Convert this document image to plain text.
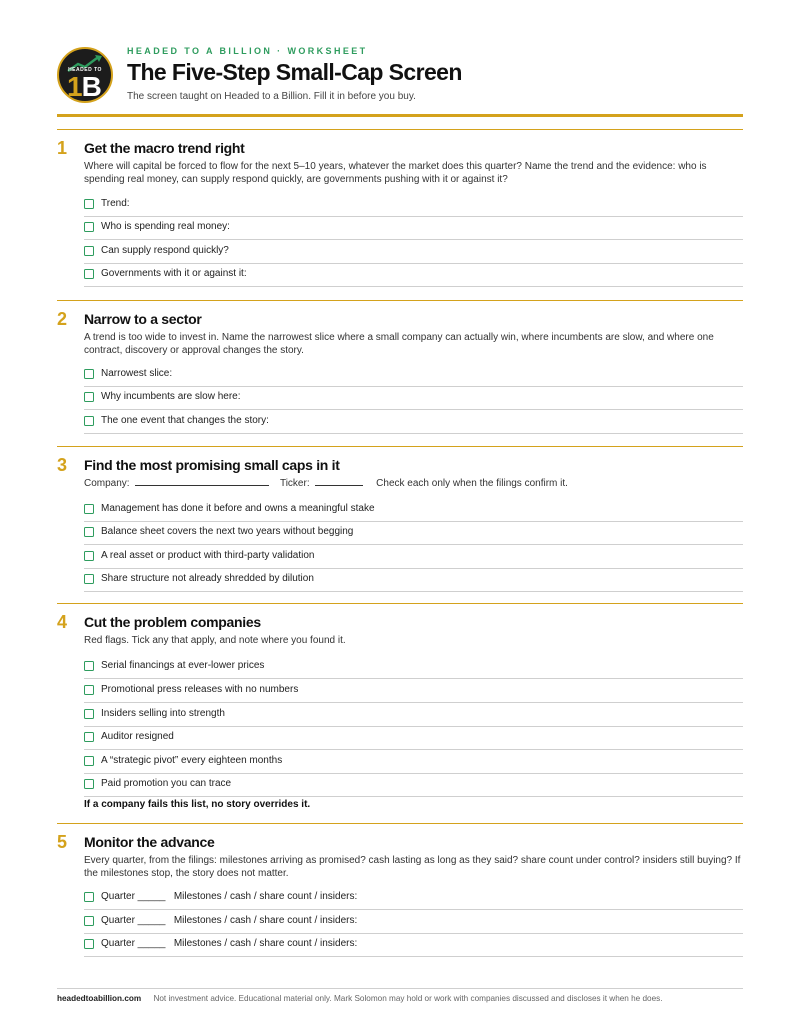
HEADED TO
1B
HEADED TO A BILLION · WORKSHEET
The Five-Step Small-Cap Screen
The screen taught on Headed to a Billion. Fill it in before you buy.
1 Get the macro trend right
Where will capital be forced to flow for the next 5–10 years, whatever the market does this quarter? Name the trend and the evidence: who is spending real money, can supply respond quickly, are governments pushing with it or against it?
Trend:
Who is spending real money:
Can supply respond quickly?
Governments with it or against it:
2 Narrow to a sector
A trend is too wide to invest in. Name the narrowest slice where a small company can actually win, where incumbents are slow, and where one contract, discovery or approval changes the story.
Narrowest slice:
Why incumbents are slow here:
The one event that changes the story:
3 Find the most promising small caps in it
Company:	Ticker:	Check each only when the filings confirm it.
Management has done it before and owns a meaningful stake
Balance sheet covers the next two years without begging
A real asset or product with third-party validation
Share structure not already shredded by dilution
4 Cut the problem companies
Red flags. Tick any that apply, and note where you found it.
Serial financings at ever-lower prices
Promotional press releases with no numbers
Insiders selling into strength
Auditor resigned
A “strategic pivot” every eighteen months
Paid promotion you can trace
If a company fails this list, no story overrides it.
5 Monitor the advance
Every quarter, from the filings: milestones arriving as promised? cash lasting as long as they said? share count under control? insiders still buying? If the milestones stop, the story does not matter.
Quarter _____ Milestones / cash / share count / insiders:
Quarter _____ Milestones / cash / share count / insiders:
Quarter _____ Milestones / cash / share count / insiders:
headedtoabillion.com Not investment advice. Educational material only. Mark Solomon may hold or work with companies discussed and discloses it when he does.
